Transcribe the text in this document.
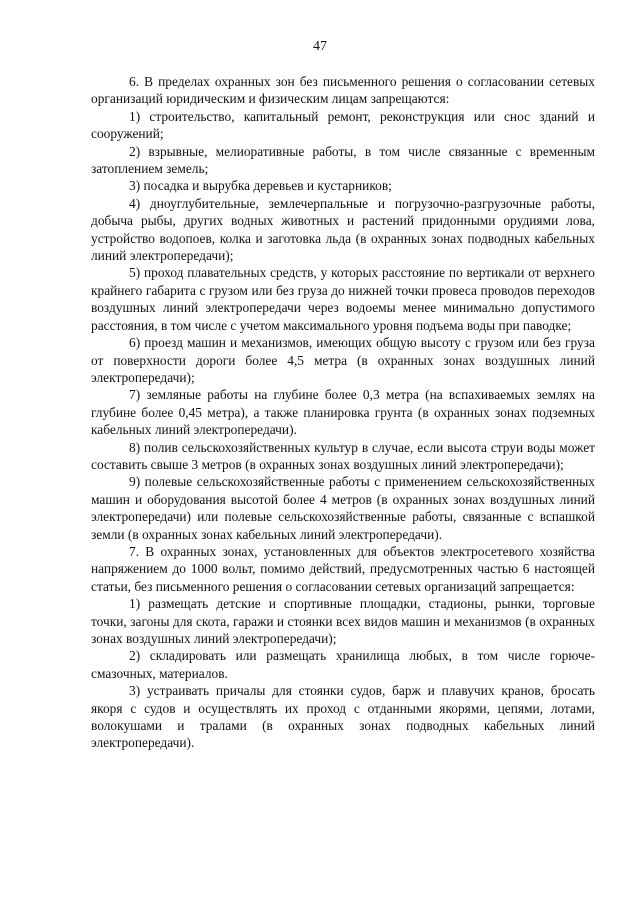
47

6. В пределах охранных зон без письменного решения о согласовании сетевых организаций юридическим и физическим лицам запрещаются:

1) строительство, капитальный ремонт, реконструкция или снос зданий и сооружений;

2) взрывные, мелиоративные работы, в том числе связанные с временным затоплением земель;

3) посадка и вырубка деревьев и кустарников;

4) дноуглубительные, землечерпальные и погрузочно-разгрузочные работы, добыча рыбы, других водных животных и растений придонными орудиями лова, устройство водопоев, колка и заготовка льда (в охранных зонах подводных кабельных линий электропередачи);

5) проход плавательных средств, у которых расстояние по вертикали от верхнего крайнего габарита с грузом или без груза до нижней точки провеса проводов переходов воздушных линий электропередачи через водоемы менее минимально допустимого расстояния, в том числе с учетом максимального уровня подъема воды при паводке;

6) проезд машин и механизмов, имеющих общую высоту с грузом или без груза от поверхности дороги более 4,5 метра (в охранных зонах воздушных линий электропередачи);

7) земляные работы на глубине более 0,3 метра (на вспахиваемых землях на глубине более 0,45 метра), а также планировка грунта (в охранных зонах подземных кабельных линий электропередачи).

8) полив сельскохозяйственных культур в случае, если высота струи воды может составить свыше 3 метров (в охранных зонах воздушных линий электропередачи);

9) полевые сельскохозяйственные работы с применением сельскохозяйственных машин и оборудования высотой более 4 метров (в охранных зонах воздушных линий электропередачи) или полевые сельскохозяйственные работы, связанные с вспашкой земли (в охранных зонах кабельных линий электропередачи).

7. В охранных зонах, установленных для объектов электросетевого хозяйства напряжением до 1000 вольт, помимо действий, предусмотренных частью 6 настоящей статьи, без письменного решения о согласовании сетевых организаций запрещается:

1) размещать детские и спортивные площадки, стадионы, рынки, торговые точки, загоны для скота, гаражи и стоянки всех видов машин и механизмов (в охранных зонах воздушных линий электропередачи);

2) складировать или размещать хранилища любых, в том числе горюче-смазочных, материалов.

3) устраивать причалы для стоянки судов, барж и плавучих кранов, бросать якоря с судов и осуществлять их проход с отданными якорями, цепями, лотами, волокушами и тралами (в охранных зонах подводных кабельных линий электропередачи).
